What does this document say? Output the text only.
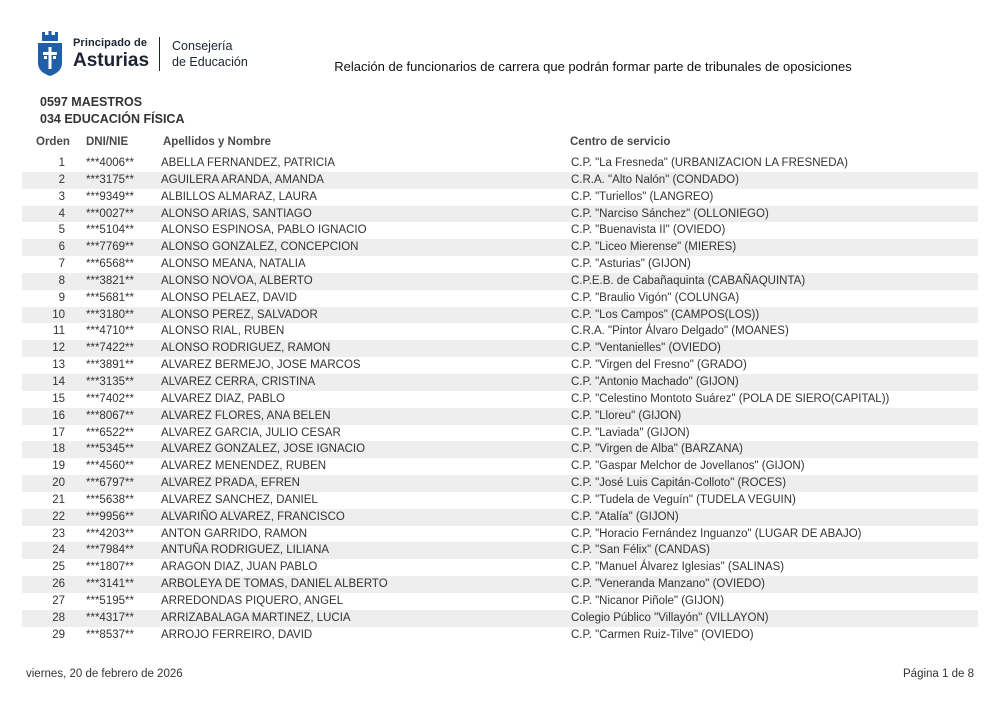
Principado de
Asturias
Consejería
de Educación	Relación de funcionarios de carrera que podrán formar parte de tribunales de oposiciones
0597 MAESTROS
034 EDUCACIÓN FÍSICA
Orden DNI/NIE	Apellidos y Nombre	Centro de servicio
1 ***4006** ABELLA FERNANDEZ, PATRICIA	C.P. "La Fresneda" (URBANIZACION LA FRESNEDA)
2 ***3175** AGUILERA ARANDA, AMANDA	C.R.A. "Alto Nalón" (CONDADO)
3 ***9349** ALBILLOS ALMARAZ, LAURA	C.P. "Turiellos" (LANGREO)
4 ***0027** ALONSO ARIAS, SANTIAGO	C.P. "Narciso Sánchez" (OLLONIEGO)
5 ***5104** ALONSO ESPINOSA, PABLO IGNACIO	C.P. "Buenavista II" (OVIEDO)
6 ***7769** ALONSO GONZALEZ, CONCEPCION	C.P. "Liceo Mierense" (MIERES)
7 ***6568** ALONSO MEANA, NATALIA	C.P. "Asturias" (GIJON)
8 ***3821** ALONSO NOVOA, ALBERTO	C.P.E.B. de Cabañaquinta (CABAÑAQUINTA)
9 ***5681** ALONSO PELAEZ, DAVID	C.P. "Braulio Vigón" (COLUNGA)
10 ***3180** ALONSO PEREZ, SALVADOR	C.P. "Los Campos" (CAMPOS(LOS))
11 ***4710** ALONSO RIAL, RUBEN	C.R.A. "Pintor Álvaro Delgado" (MOANES)
12 ***7422** ALONSO RODRIGUEZ, RAMON	C.P. "Ventanielles" (OVIEDO)
13 ***3891** ALVAREZ BERMEJO, JOSE MARCOS	C.P. "Virgen del Fresno" (GRADO)
14 ***3135** ALVAREZ CERRA, CRISTINA	C.P. "Antonio Machado" (GIJON)
15 ***7402** ALVAREZ DIAZ, PABLO	C.P. "Celestino Montoto Suárez" (POLA DE SIERO(CAPITAL))
16 ***8067** ALVAREZ FLORES, ANA BELEN	C.P. "Lloreu" (GIJON)
17 ***6522** ALVAREZ GARCIA, JULIO CESAR	C.P. "Laviada" (GIJON)
18 ***5345** ALVAREZ GONZALEZ, JOSE IGNACIO	C.P. "Virgen de Alba" (BARZANA)
19 ***4560** ALVAREZ MENENDEZ, RUBEN	C.P. "Gaspar Melchor de Jovellanos" (GIJON)
20 ***6797** ALVAREZ PRADA, EFREN	C.P. "José Luis Capitán-Colloto" (ROCES)
21 ***5638** ALVAREZ SANCHEZ, DANIEL	C.P. "Tudela de Veguín" (TUDELA VEGUIN)
22 ***9956** ALVARIÑO ALVAREZ, FRANCISCO	C.P. "Atalía" (GIJON)
23 ***4203** ANTON GARRIDO, RAMON	C.P. "Horacio Fernández Inguanzo" (LUGAR DE ABAJO)
24 ***7984** ANTUÑA RODRIGUEZ, LILIANA	C.P. "San Félix" (CANDAS)
25 ***1807** ARAGON DIAZ, JUAN PABLO	C.P. "Manuel Álvarez Iglesias" (SALINAS)
26 ***3141** ARBOLEYA DE TOMAS, DANIEL ALBERTO	C.P. "Veneranda Manzano" (OVIEDO)
27 ***5195** ARREDONDAS PIQUERO, ANGEL	C.P. "Nicanor Piñole" (GIJON)
28 ***4317** ARRIZABALAGA MARTINEZ, LUCIA	Colegio Público "Villayón" (VILLAYON)
29 ***8537** ARROJO FERREIRO, DAVID	C.P. "Carmen Ruiz-Tilve" (OVIEDO)
viernes, 20 de febrero de 2026	Página 1 de 8
